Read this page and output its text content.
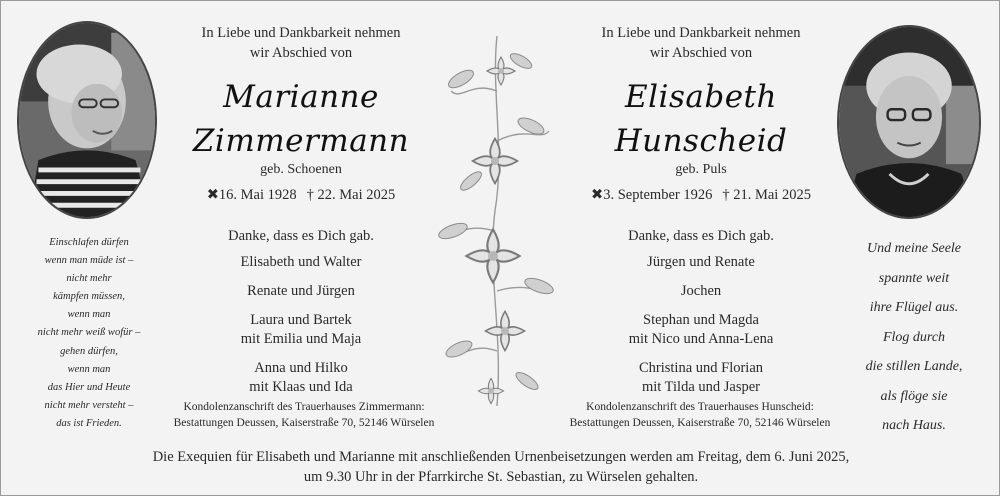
In Liebe und Dankbarkeit nehmen
wir Abschied von
Marianne
Zimmermann
geb. Schoenen
✖16. Mai 1928 † 22. Mai 2025
Danke, dass es Dich gab.
Elisabeth und Walter
Renate und Jürgen
Laura und Bartek
mit Emilia und Maja
Anna und Hilko
mit Klaas und Ida
In Liebe und Dankbarkeit nehmen
wir Abschied von
Elisabeth
Hunscheid
geb. Puls
✖3. September 1926 † 21. Mai 2025
Danke, dass es Dich gab.
Jürgen und Renate
Jochen
Stephan und Magda
mit Nico und Anna-Lena
Christina und Florian
mit Tilda und Jasper
Kondolenzanschrift des Trauerhauses Zimmermann:
Bestattungen Deussen, Kaiserstraße 70, 52146 Würselen
Kondolenzanschrift des Trauerhauses Hunscheid:
Bestattungen Deussen, Kaiserstraße 70, 52146 Würselen
Einschlafen dürfen
wenn man müde ist –
nicht mehr
kämpfen müssen,
wenn man
nicht mehr weiß wofür –
gehen dürfen,
wenn man
das Hier und Heute
nicht mehr versteht –
das ist Frieden.
Und meine Seele
spannte weit
ihre Flügel aus.
Flog durch
die stillen Lande,
als flöge sie
nach Haus.
Die Exequien für Elisabeth und Marianne mit anschließenden Urnenbeisetzungen werden am Freitag, dem 6. Juni 2025,
um 9.30 Uhr in der Pfarrkirche St. Sebastian, zu Würselen gehalten.
